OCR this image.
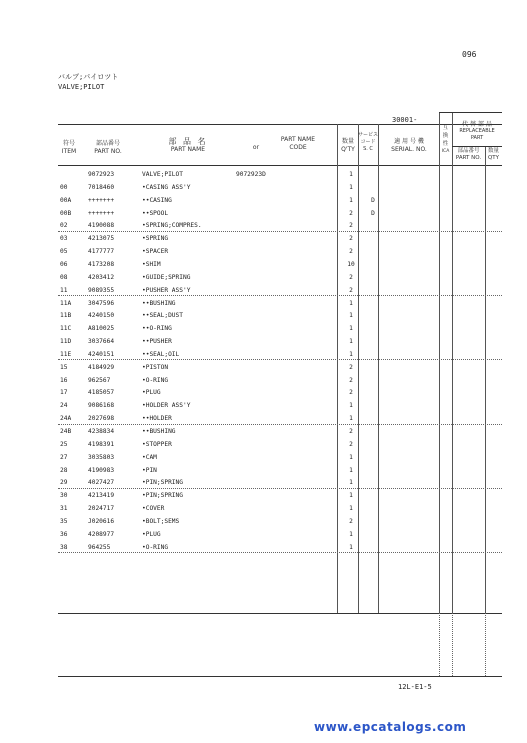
096
バルブ;パイロツト
VALVE;PILOT
30001-
符号
ITEM
部品番号
PART NO.
部 品 名
PART NAME	or
PART NAME
CODE
数量
Q'TY
サービス
コード
S. C
適 用 号 機
SERIAL. NO.
互
換
性
ICA
代 替 部 品
REPLACEABLE
PART
部品番号
PART NO.
数量
QTY
9072923	VALVE;PILOT	9072923D	1
00	7018460	•CASING ASS'Y	1
00A	+++++++	••CASING	1	D
00B	+++++++	••SPOOL	2	D
02	4190088	•SPRING;COMPRES.	2
03	4213075	•SPRING	2
05	4177777	•SPACER	2
06	4173208	•SHIM	10
08	4203412	•GUIDE;SPRING	2
11	9089355	•PUSHER ASS'Y	2
11A	3047596	••BUSHING	1
11B	4240150	••SEAL;DUST	1
11C	A810025	••O-RING	1
11D	3037664	••PUSHER	1
11E	4240151	••SEAL;OIL	1
15	4184929	•PISTON	2
16	962567	•O-RING	2
17	4185057	•PLUG	2
24	9086168	•HOLDER ASS'Y	1
24A	2027698	••HOLDER	1
24B	4238834	••BUSHING	2
25	4198391	•STOPPER	2
27	3035803	•CAM	1
28	4190983	•PIN	1
29	4027427	•PIN;SPRING	1
30	4213419	•PIN;SPRING	1
31	2024717	•COVER	1
35	J020616	•BOLT;SEMS	2
36	4208977	•PLUG	1
38	964255	•O-RING	1
12L-E1-5
www.epcatalogs.com
